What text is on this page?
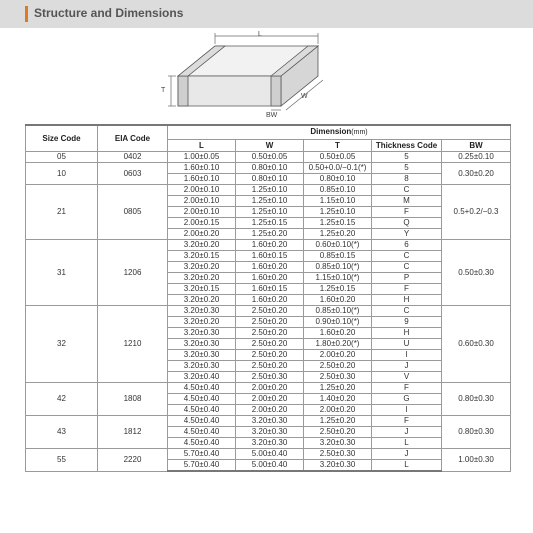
Structure and Dimensions
L
T
W
BW
Size Code	EIA Code	Dimension(mm)				
		L	W	T	Thickness Code	BW
05	0402	1.00±0.05	0.50±0.05	0.50±0.05	5	0.25±0.10
10	0603	1.60±0.10	0.80±0.10	0.50+0.0/−0.1(*)	5	0.30±0.20
		1.60±0.10	0.80±0.10	0.80±0.10	8	
21	0805	2.00±0.10	1.25±0.10	0.85±0.10	C	0.5+0.2/−0.3
		2.00±0.10	1.25±0.10	1.15±0.10	M	
		2.00±0.10	1.25±0.10	1.25±0.10	F	
		2.00±0.15	1.25±0.15	1.25±0.15	Q	
		2.00±0.20	1.25±0.20	1.25±0.20	Y	
31	1206	3.20±0.20	1.60±0.20	0.60±0.10(*)	6	0.50±0.30
		3.20±0.15	1.60±0.15	0.85±0.15	C	
		3.20±0.20	1.60±0.20	0.85±0.10(*)	C	
		3.20±0.20	1.60±0.20	1.15±0.10(*)	P	
		3.20±0.15	1.60±0.15	1.25±0.15	F	
		3.20±0.20	1.60±0.20	1.60±0.20	H	
32	1210	3.20±0.30	2.50±0.20	0.85±0.10(*)	C	0.60±0.30
		3.20±0.20	2.50±0.20	0.90±0.10(*)	9	
		3.20±0.30	2.50±0.20	1.60±0.20	H	
		3.20±0.30	2.50±0.20	1.80±0.20(*)	U	
		3.20±0.30	2.50±0.20	2.00±0.20	I	
		3.20±0.30	2.50±0.20	2.50±0.20	J	
		3.20±0.40	2.50±0.30	2.50±0.30	V	
42	1808	4.50±0.40	2.00±0.20	1.25±0.20	F	0.80±0.30
		4.50±0.40	2.00±0.20	1.40±0.20	G	
		4.50±0.40	2.00±0.20	2.00±0.20	I	
43	1812	4.50±0.40	3.20±0.30	1.25±0.20	F	0.80±0.30
		4.50±0.40	3.20±0.30	2.50±0.20	J	
		4.50±0.40	3.20±0.30	3.20±0.30	L	
55	2220	5.70±0.40	5.00±0.40	2.50±0.30	J	1.00±0.30
		5.70±0.40	5.00±0.40	3.20±0.30	L	
